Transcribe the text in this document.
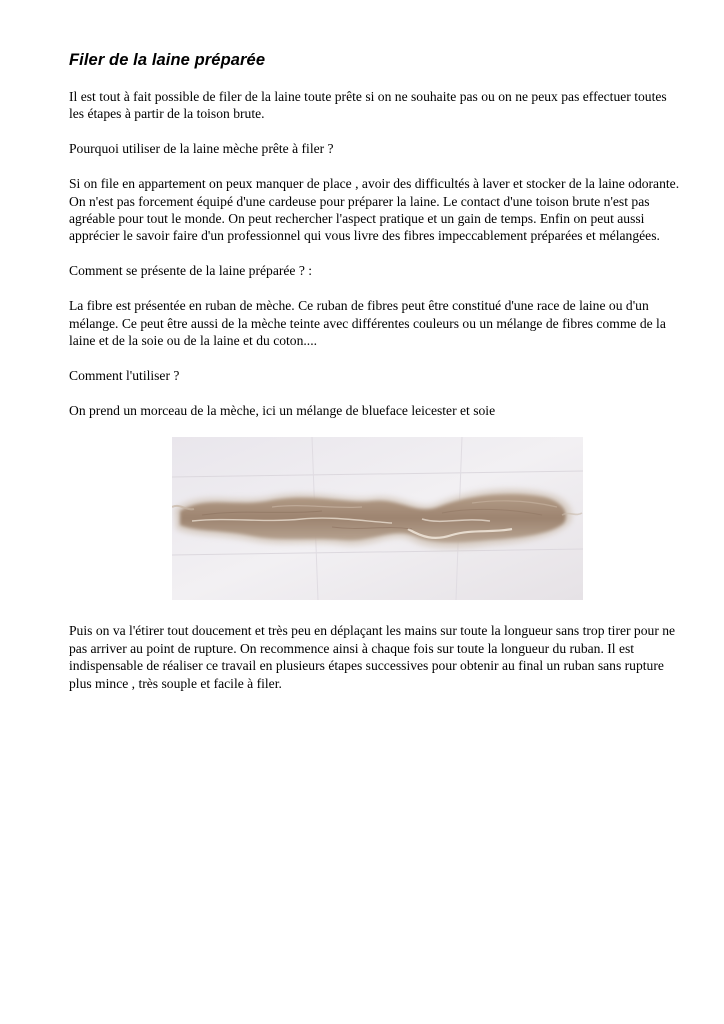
Filer de la laine préparée

Il est tout à fait possible de filer de la laine toute prête si on ne souhaite pas ou on ne peux pas effectuer toutes les étapes à partir de la toison brute.

Pourquoi utiliser de la laine mèche prête à filer ?

Si on file en appartement on peux manquer de place , avoir des difficultés à laver et stocker de la laine odorante. On n'est pas forcement équipé d'une cardeuse pour préparer la laine. Le contact d'une toison brute n'est pas agréable pour tout le monde. On peut rechercher l'aspect pratique et un gain de temps. Enfin on peut aussi apprécier le savoir faire d'un professionnel qui vous livre des fibres impeccablement préparées et mélangées.

Comment se présente de la laine préparée ? :

La fibre est présentée en ruban de mèche. Ce ruban de fibres peut être constitué d'une race de laine ou d'un mélange. Ce peut être aussi de la mèche teinte avec différentes couleurs ou un mélange de fibres comme de la laine et de la soie ou de la laine et du coton....

Comment l'utiliser ?

On prend un morceau de la mèche, ici un mélange de blueface leicester et soie

Puis on va l'étirer tout doucement et très peu en déplaçant les mains sur toute la longueur sans trop tirer pour ne pas arriver au point de rupture. On recommence ainsi à chaque fois sur toute la longueur du ruban. Il est indispensable de réaliser ce travail en plusieurs étapes successives pour obtenir au final un ruban sans rupture plus mince , très souple et facile à filer.
